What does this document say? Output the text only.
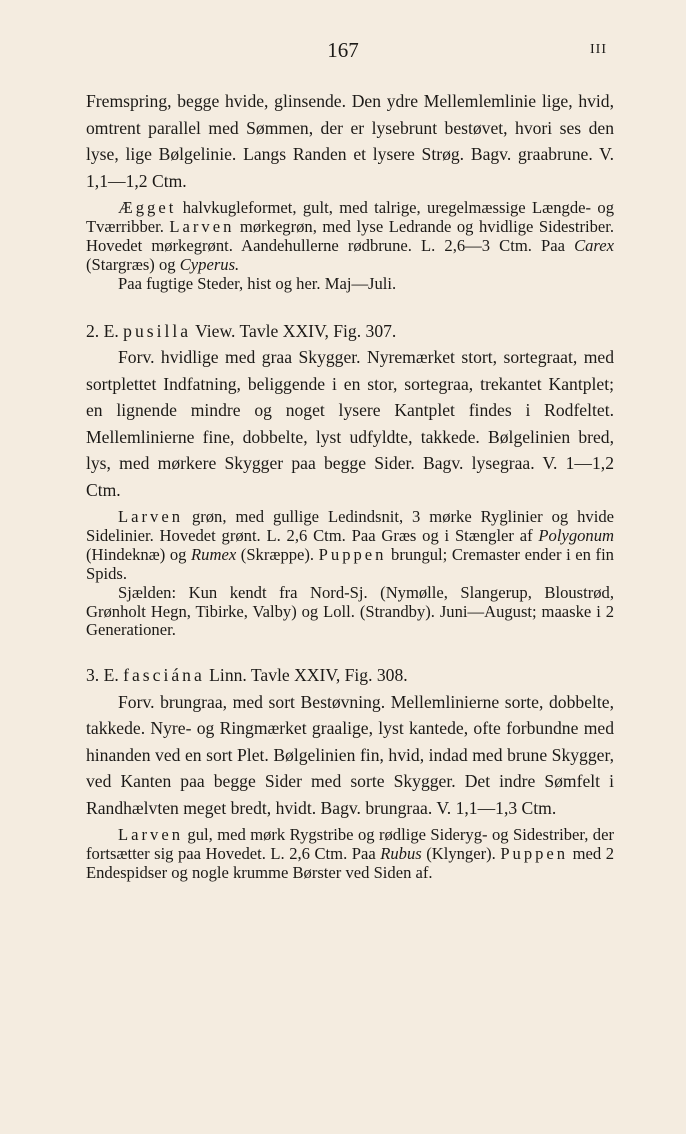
167	III

Fremspring, begge hvide, glinsende. Den ydre Mellemlemlinie lige, hvid, omtrent parallel med Sømmen, der er lysebrunt bestøvet, hvori ses den lyse, lige Bølgelinie. Langs Randen et lysere Strøg. Bagv. graabrune. V. 1,1—1,2 Ctm.

Ægget halvkugleformet, gult, med talrige, uregelmæssige Længde- og Tværribber. Larven mørkegrøn, med lyse Ledrande og hvidlige Sidestriber. Hovedet mørkegrønt. Aandehullerne rødbrune. L. 2,6—3 Ctm. Paa Carex (Stargræs) og Cyperus.

Paa fugtige Steder, hist og her. Maj—Juli.

2. E. pusilla View. Tavle XXIV, Fig. 307.

Forv. hvidlige med graa Skygger. Nyremærket stort, sortegraat, med sortplettet Indfatning, beliggende i en stor, sortegraa, trekantet Kantplet; en lignende mindre og noget lysere Kantplet findes i Rodfeltet. Mellemlinierne fine, dobbelte, lyst udfyldte, takkede. Bølgelinien bred, lys, med mørkere Skygger paa begge Sider. Bagv. lysegraa. V. 1—1,2 Ctm.

Larven grøn, med gullige Ledindsnit, 3 mørke Ryglinier og hvide Sidelinier. Hovedet grønt. L. 2,6 Ctm. Paa Græs og i Stængler af Polygonum (Hindeknæ) og Rumex (Skræppe). Puppen brungul; Cremaster ender i en fin Spids.

Sjælden: Kun kendt fra Nord-Sj. (Nymølle, Slangerup, Bloustrød, Grønholt Hegn, Tibirke, Valby) og Loll. (Strandby). Juni—August; maaske i 2 Generationer.

3. E. fasciána Linn. Tavle XXIV, Fig. 308.

Forv. brungraa, med sort Bestøvning. Mellemlinierne sorte, dobbelte, takkede. Nyre- og Ringmærket graalige, lyst kantede, ofte forbundne med hinanden ved en sort Plet. Bølgelinien fin, hvid, indad med brune Skygger, ved Kanten paa begge Sider med sorte Skygger. Det indre Sømfelt i Randhælvten meget bredt, hvidt. Bagv. brungraa. V. 1,1—1,3 Ctm.

Larven gul, med mørk Rygstribe og rødlige Sideryg- og Sidestriber, der fortsætter sig paa Hovedet. L. 2,6 Ctm. Paa Rubus (Klynger). Puppen med 2 Endespidser og nogle krumme Børster ved Siden af.
